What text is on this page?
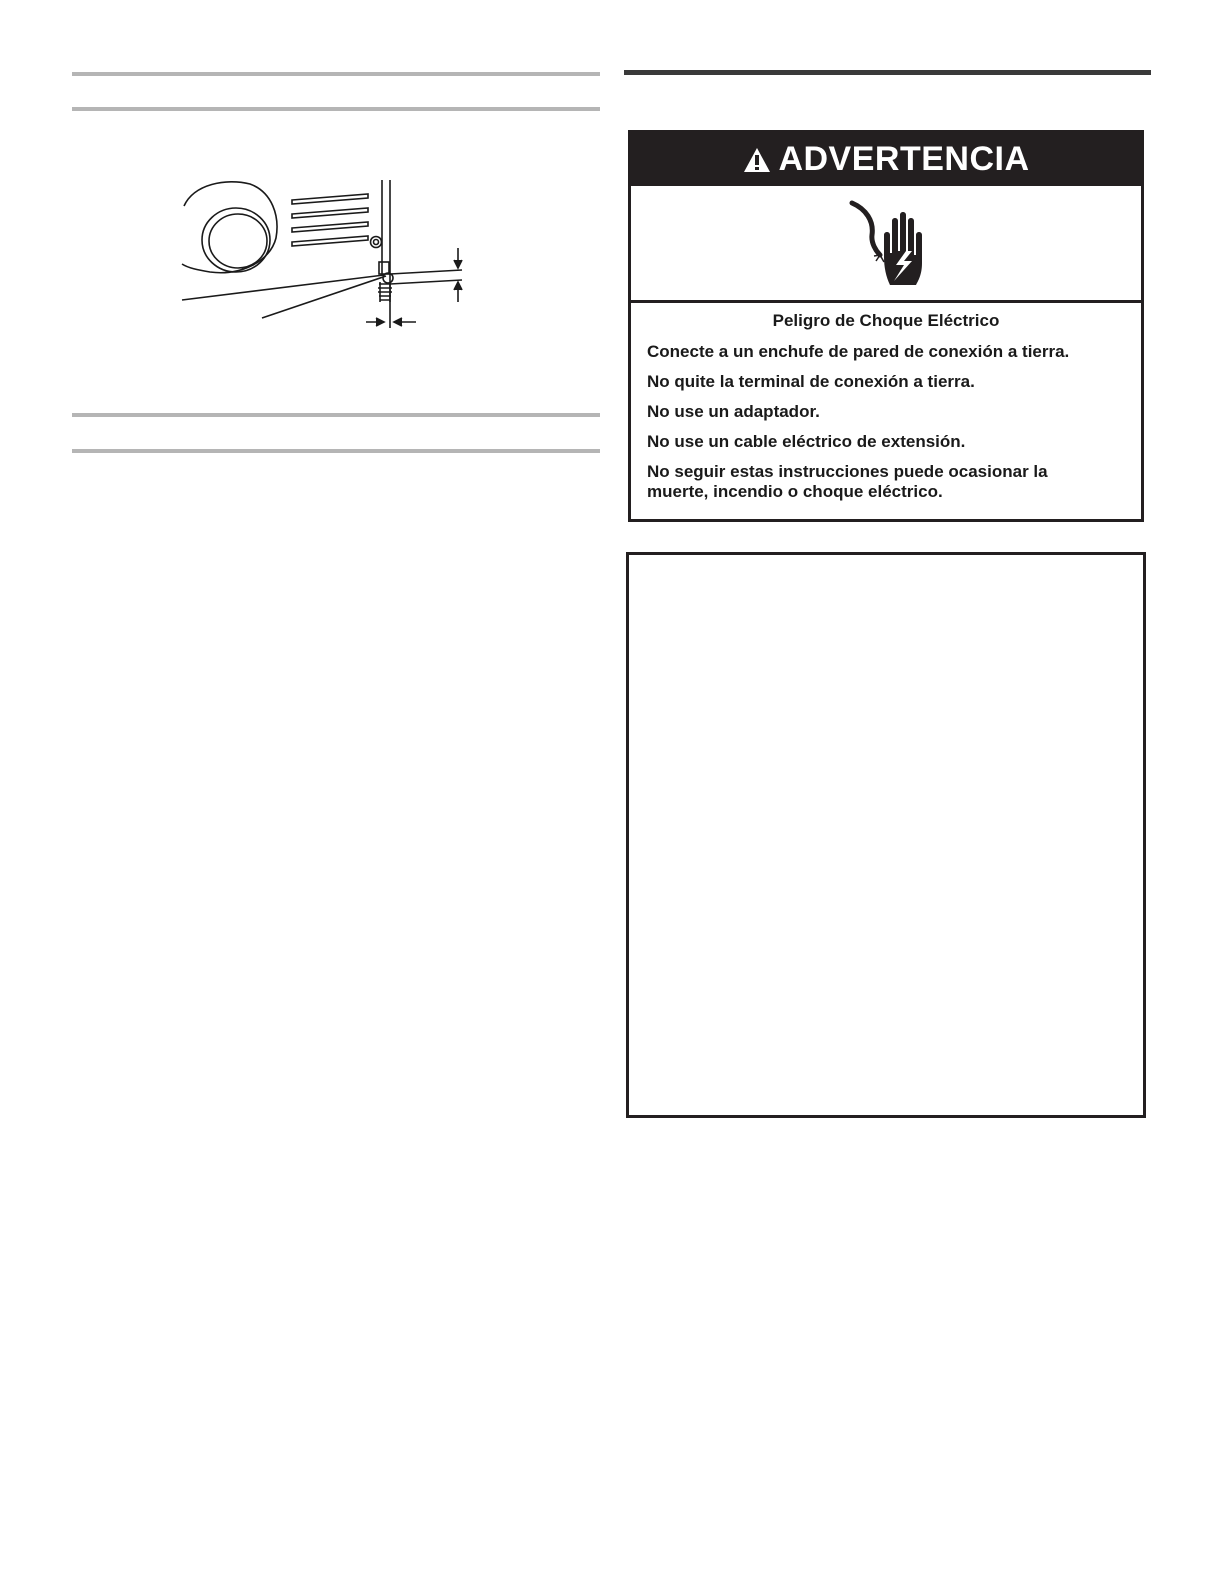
ADVERTENCIA
Peligro de Choque Eléctrico
Conecte a un enchufe de pared de conexión a tierra.
No quite la terminal de conexión a tierra.
No use un adaptador.
No use un cable eléctrico de extensión.
No seguir estas instrucciones puede ocasionar la muerte, incendio o choque eléctrico.
